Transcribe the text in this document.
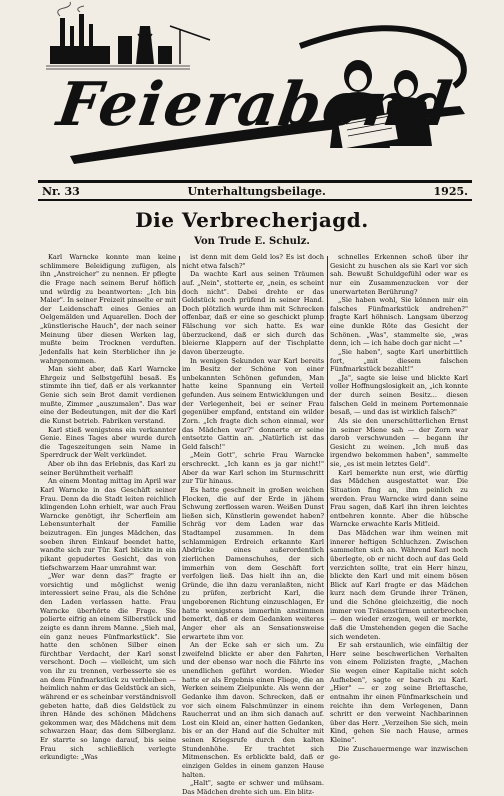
Feierabend
Nr. 33	Unterhaltungsbeilage.	1925.
Die Verbrecherjagd.
Von Trude E. Schulz.

Karl Warncke konnte man keine schlimmere Beleidigung zufügen, als ihn „Anstreicher" zu nennen. Er pflegte die Frage nach seinem Beruf höflich und würdig zu beantworten: „Ich bin Maler". In seiner Freizeit pinselte er mit der Leidenschaft eines Genies an Oelgemälden und Aquarellen. Doch der „künstlerische Hauch", der nach seiner Meinung über diesen Werken lag, mußte beim Trocknen verduften. Jedenfalls hat kein Sterblicher ihn je wahrgenommen.

Man sieht aber, daß Karl Warncke Ehrgeiz und Selbstgefühl besaß. Es stimmte ihn tief, daß er als verkannter Genie sich sein Brot damit verdienen mußte, Zimmer „auszumalen". Das war eine der Bedeutungen, mit der die Karl die Kunst betrieb. Fabriken verstand.

Karl stieß wenigstens ein verkannter Genie. Eines Tages aber wurde durch die Tageszeitungen sein Name in Sperrdruck der Welt verkündet.

Aber ob ihn das Erlebnis, das Karl zu seiner Berühmtheit verhalf!

An einem Montag mittag im April war Karl Warncke in das Geschäft seiner Frau. Denn da die Stadt leiten reichlich klingenden Lohn erhielt, war auch Frau Warncke genötigt, ihr Scherflein am Lebensunterhalt der Familie beizutragen. Ein junges Mädchen, das soeben ihren Einkauf beendet hatte, wandte sich zur Tür. Karl blickte in ein pikant gepudertes Gesicht, das von tiefschwarzem Haar umrahmt war.

„Wer war denn das?" fragte er vorsichtig und möglichst wenig interessiert seine Frau, als die Schöne den Laden verlassen hatte. Frau Warncke überhörte die Frage. Sie polierte eifrig an einem Silberstück und zeigte es dann ihrem Manne. „Sieh mal, ein ganz neues Fünfmarkstück". Sie hatte den schönen Silber einen fürchtbar Verdacht, der Karl sonst verschont. Doch — vielleicht, um sich von ihr zu trennen, verbesserte sie es an dem Fünfmarkstück zu verbleiben — heimlich nahm er das Geldstück an sich, während er es scheinbar verständnisvoll gebeten hatte, daß dies Geldstück zu ihren Hände des schönen Mädchens gekommen war, des Mädchens mit dem schwarzen Haar, das dem Silberglanz. Er starrte so lange darauf, bis seine Frau sich schließlich verlegte erkundigte: „Was

ist denn mit dem Geld los? Es ist doch nicht etwa falsch?"

Da wachte Karl aus seinen Träumen auf. „Nein", stotterte er, „nein, es scheint doch nicht". Dabei drehte er das Geldstück noch prüfend in seiner Hand. Doch plötzlich wurde ihm mit Schrecken offenbar, daß er eine so geschickt plump Fälschung vor sich hatte. Es war überzuckend, daß er sich durch das bleierne Klappern auf der Tischplatte davon überzeugte.

In wenigen Sekunden war Karl bereits im Besitz der Schöne von einer unbekannten Schönen gefunden, Man hatte keine Spannung ein Verteil gefunden. Aus seinem Entwicklungen und der Verlegenheit, bei er seiner Frau gegenüber empfand, entstand ein wilder Zorn. „Ich fragte dich schon einmal, wer das Mädchen war?" donnerte er seine entsetzte Gattin an. „Natürlich ist das Geld falsch!"

„Mein Gott", schrie Frau Warncke erschreckt. „Ich kann es ja gar nicht!" Aber da war Karl schon im Sturmschritt zur Tür hinaus.

Es hatte geschneit in großen weichen Flocken, die auf der Erde in jähem Schwung zerflossen waren. Weißen Dunst ließen sich, Künstlerin gewendet haben? Schräg vor dem Laden war das Stadtampel zusammen. In dem schlammigen Erdreich erkannte Karl Abdrücke eines außerordentlich zierlichen Damenschuhes, der sich immerhin von dem Geschäft fort verfolgen ließ. Das hielt ihn an, die Gründe, die ihn dazu veranlaßten, nicht zu prüfen, zerbricht Karl, die ungeborenen Richtung einzuschlagen, Er hatte wenigstens immerhin anstimmen bemerkt, daß er dem Gedanken weiteres Anger eher als an Sensationsweise erwartete ihm vor.

An der Ecke sah er sich um. Zu zweifelnd blickte er aber den Fahrten, und der ebenso war noch die Fährte ins unendlichen geführt worden. Wieder hatte er als Ergebnis einen Fliege, die an Werken seinem Zielpunkte. Als wenn der Gedanke ihm davon. Schrecken, daß er vor sich einem Falschmünzer in einem Raucherrat und an ihm sich danach auf. Lost ein Kleid an, einer hatten Gedanken, bis er an der Hand auf die Schulter mit seinen Kriegsrufe durch den kalten Stundenhöhe. Er trachtet sich Mitmenschen. Es erblickte bald, daß er einzigen Geldes in einem ganzen Hause halten.

„Halt", sagte er schwer und mühsam. Das Mädchen drehte sich um. Ein blitz-

schnelles Erkennen schoß über ihr Gesicht zu huschen als sie Karl vor sich sah. Bewußt Schuldgefühl oder war es nur ein Zusammenzucken vor der unerwarteten Berührung?

„Sie haben wohl, Sie können mir ein falsches Fünfmarkstück andrehen?" fragte Karl höhnisch. Langsam überzog eine dunkle Röte das Gesicht der Schönen. „Was", stammelte sie, „was denn, ich — ich habe doch gar nicht —"

„Sie haben", sagte Karl unerbittlich fort, „mit diesem falschen Fünfmarkstück bezahlt!"

„Ja", sagte sie leise und blickte Karl voller Hoffnungslosigkeit an, „ich konnte der durch seinen Besitz... diesen falschen Geld in meinem Portemonnaie besaß, — und das ist wirklich falsch?"

Als sie den unerschütterlichen Ernst in seiner Miene sah — der Zorn war darob verschwunden — begann ihr Gesicht zu weinen. „Ich muß das irgendwo bekommen haben", sammelte sie, „es ist mein letztes Geld".

Karl bemerkte nun erst, wie dürftig das Mädchen ausgestattet war. Die Situation fing an, ihm peinlich zu werden. Frau Warncke wird dann seine Frau sagen, daß Karl ihn ihren leichtes entbehren konnte. Aber die hübsche Warncke erwachte Karls Mitleid.

Das Mädchen war ihm weinen mit innerer heftigen Schluchzen. Zwischen sammelten sich an. Während Karl noch überlegte, ob er nicht doch auf das Geld verzichten sollte, trat ein Herr hinzu, blickte den Karl und mit einem bösen Blick auf Karl fragte er das Mädchen kurz nach dem Grunde ihrer Tränen, und die Schöne gleichzeitig, die noch immer von Tränenstürmen unterbrochen — den wieder erzogen, weil er merkte, daß die Umstehenden gegen die Sache sich wendeten.

Er sah erstaunlich, wie einfältig der Herr seine beschwerlichen Verhalten von einem Polizisten fragte, „Machen Sie wegen einer Kapitalie nicht solch Aufheben", sagte er barsch zu Karl. „Hier" — er zog seine Brieftasche, entnahm ihr einen Fünfmarkschein und reichte ihn dem Verlegenen, Dann schritt er den verweint Nachbarinnen über das Herr. „Verzeihen Sie sich, mein Kind, gehen Sie nach Hause, armes Kleine".

Die Zuschauermenge war inzwischen ge-
